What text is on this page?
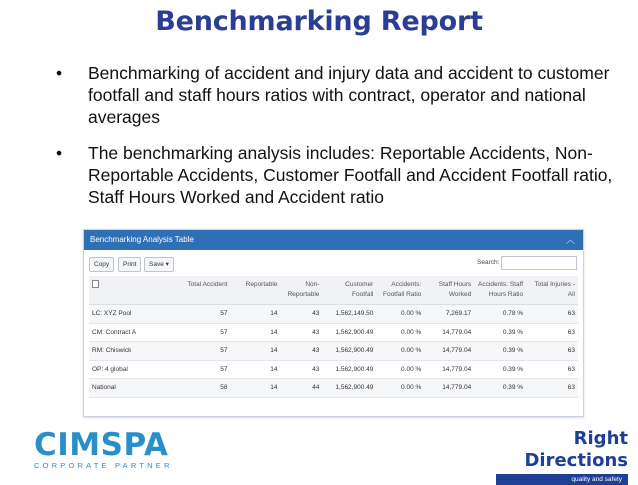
Benchmarking Report
• Benchmarking of accident and injury data and accident to customer footfall and staff hours ratios with contract, operator and national averages
• The benchmarking analysis includes: Reportable Accidents, Non-Reportable Accidents, Customer Footfall and Accident Footfall ratio, Staff Hours Worked and Accident ratio
Benchmarking Analysis Table	︿
Copy	Print	Save ▾	Search:
	Total Accident	Reportable	Non-Reportable	Customer Footfall	Accidents: Footfall Ratio	Staff Hours Worked	Accidents: Staff Hours Ratio	Total Injuries - All
LC: XYZ Pool	57	14	43	1,562,149.50	0.00 %	7,269.17	0.78 %	63
CM: Contract A	57	14	43	1,562,900.49	0.00 %	14,779.04	0.39 %	63
RM: Chiswick	57	14	43	1,562,900.49	0.00 %	14,779.04	0.39 %	63
OP: 4 global	57	14	43	1,562,900.49	0.00 %	14,779.04	0.39 %	63
National	58	14	44	1,562,900.49	0.00 %	14,779.04	0.39 %	63
CIMSPA
CORPORATE PARTNER
Right Directions
quality and safety
